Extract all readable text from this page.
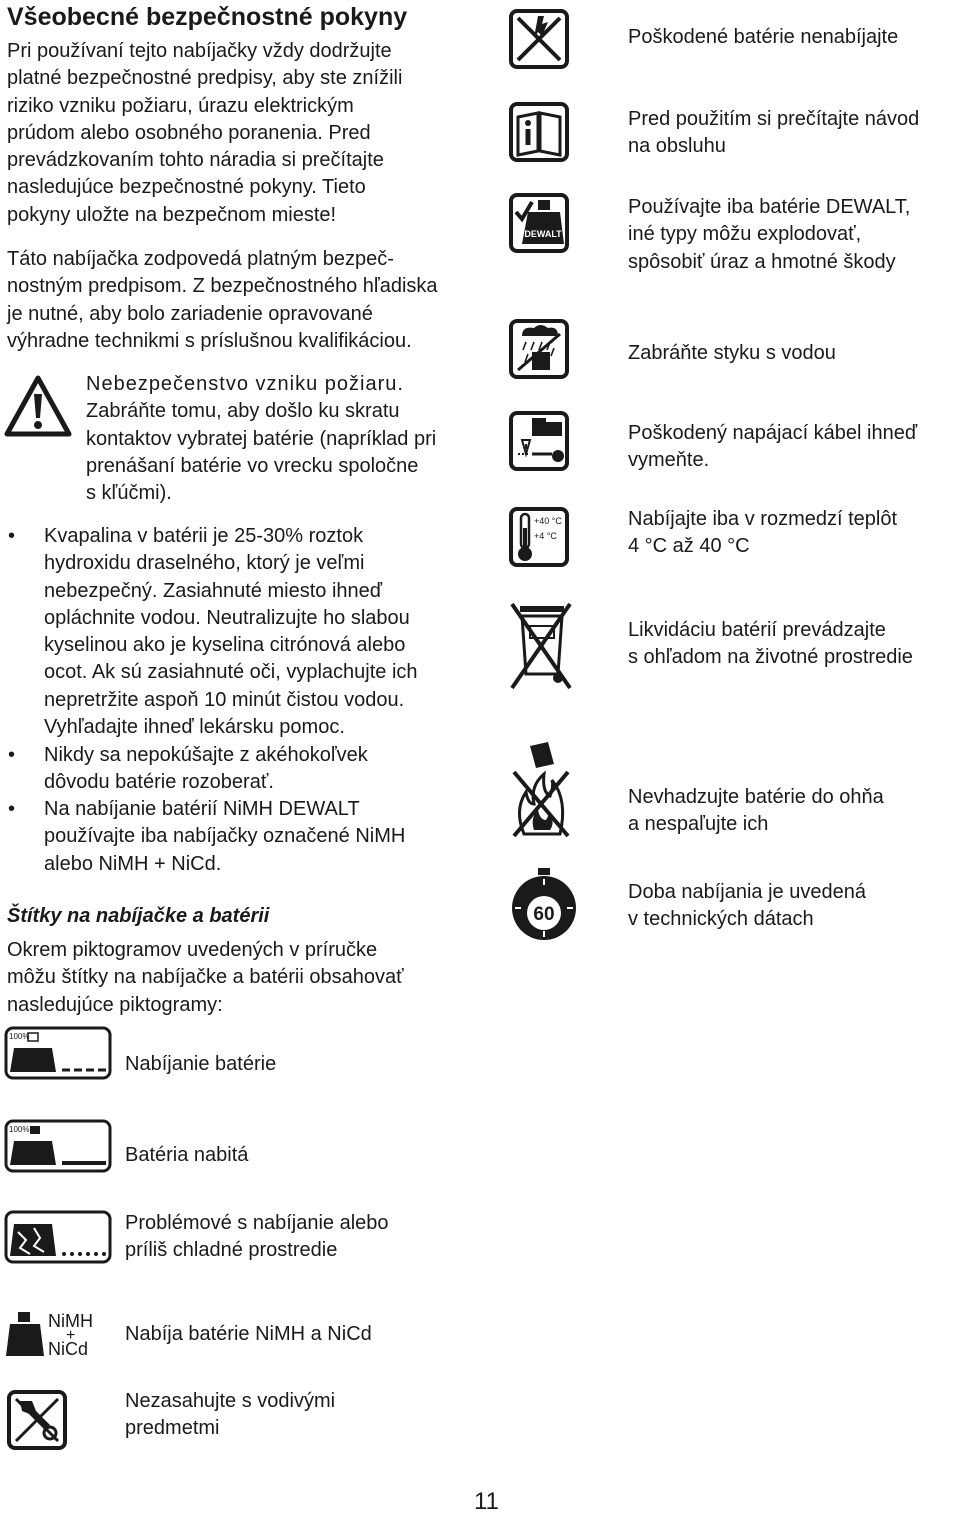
Všeobecné bezpečnostné pokyny
Pri používaní tejto nabíjačky vždy dodržujte
platné bezpečnostné predpisy, aby ste znížili
riziko vzniku požiaru, úrazu elektrickým
prúdom alebo osobného poranenia. Pred
prevádzkovaním tohto náradia si prečítajte
nasledujúce bezpečnostné pokyny. Tieto
pokyny uložte na bezpečnom mieste!
Táto nabíjačka zodpovedá platným bezpeč-
nostným predpisom. Z bezpečnostného hľadiska
je nutné, aby bolo zariadenie opravované
výhradne technikmi s príslušnou kvalifikáciou.
Nebezpečenstvo vzniku požiaru.
Zabráňte tomu, aby došlo ku skratu
kontaktov vybratej batérie (napríklad pri
prenášaní batérie vo vrecku spoločne
s kľúčmi).
• Kvapalina v batérii je 25-30% roztok
hydroxidu draselného, ktorý je veľmi
nebezpečný. Zasiahnuté miesto ihneď
opláchnite vodou. Neutralizujte ho slabou
kyselinou ako je kyselina citrónová alebo
ocot. Ak sú zasiahnuté oči, vyplachujte ich
nepretržite aspoň 10 minút čistou vodou.
Vyhľadajte ihneď lekársku pomoc.
• Nikdy sa nepokúšajte z akéhokoľvek
dôvodu batérie rozoberať.
• Na nabíjanie batérií NiMH DEWALT
používajte iba nabíjačky označené NiMH
alebo NiMH + NiCd.
Štítky na nabíjačke a batérii
Okrem piktogramov uvedených v príručke
môžu štítky na nabíjačke a batérii obsahovať
nasledujúce piktogramy:
DEWALT
+40 °C
+4 °C
60
Poškodené batérie nenabíjajte
Pred použitím si prečítajte návod
na obsluhu
Používajte iba batérie DEWALT,
iné typy môžu explodovať,
spôsobiť úraz a hmotné škody
Zabráňte styku s vodou
Poškodený napájací kábel ihneď
vymeňte.
Nabíjajte iba v rozmedzí teplôt
4 °C až 40 °C
Likvidáciu batérií prevádzajte
s ohľadom na životné prostredie
Nevhadzujte batérie do ohňa
a nespaľujte ich
Doba nabíjania je uvedená
v technických dátach
100%
100%
NiMH
+
NiCd
Nabíjanie batérie
Batéria nabitá
Problémové s nabíjanie alebo
príliš chladné prostredie
Nabíja batérie NiMH a NiCd
Nezasahujte s vodivými
predmetmi
11
